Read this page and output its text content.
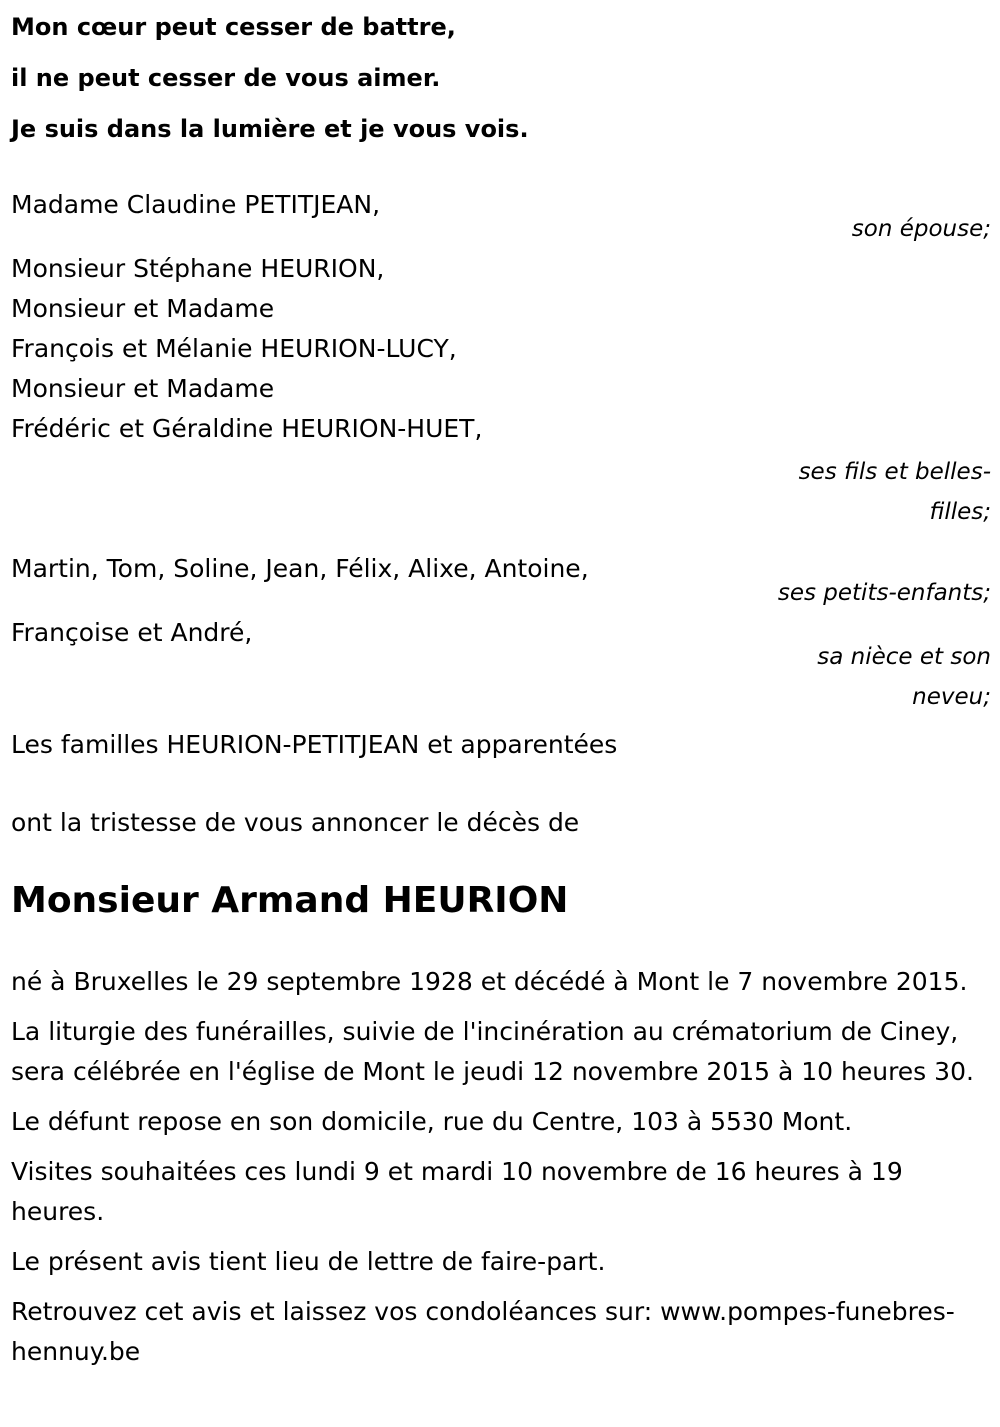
Mon cœur peut cesser de battre,
il ne peut cesser de vous aimer.
Je suis dans la lumière et je vous vois.
Madame Claudine PETITJEAN,
son épouse;
Monsieur Stéphane HEURION,
Monsieur et Madame
François et Mélanie HEURION-LUCY,
Monsieur et Madame
Frédéric et Géraldine HEURION-HUET,
ses fils et belles-filles;
Martin, Tom, Soline, Jean, Félix, Alixe, Antoine,
ses petits-enfants;
Françoise et André,
sa nièce et son neveu;
Les familles HEURION-PETITJEAN et apparentées
ont la tristesse de vous annoncer le décès de
Monsieur Armand HEURION
né à Bruxelles le 29 septembre 1928 et décédé à Mont le 7 novembre 2015.
La liturgie des funérailles, suivie de l'incinération au crématorium de Ciney, sera célébrée en l'église de Mont le jeudi 12 novembre 2015 à 10 heures 30.
Le défunt repose en son domicile, rue du Centre, 103 à 5530 Mont.
Visites souhaitées ces lundi 9 et mardi 10 novembre de 16 heures à 19 heures.
Le présent avis tient lieu de lettre de faire-part.
Retrouvez cet avis et laissez vos condoléances sur: www.pompes-funebres-hennuy.be
